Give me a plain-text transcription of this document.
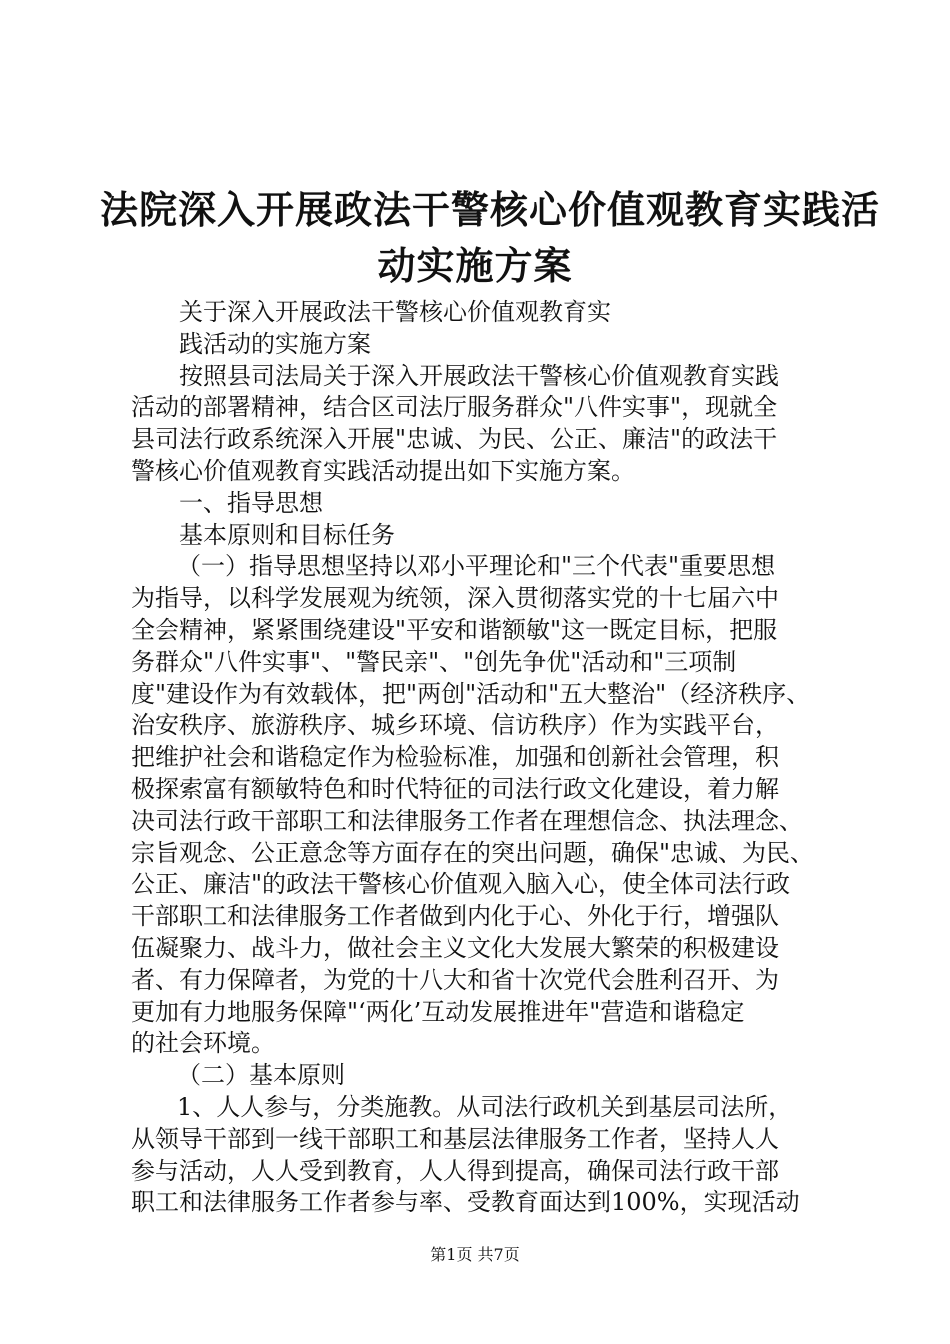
法院深入开展政法干警核心价值观教育实践活
动实施方案
关于深入开展政法干警核心价值观教育实
践活动的实施方案
按照县司法局关于深入开展政法干警核心价值观教育实践
活动的部署精神，结合区司法厅服务群众"八件实事"，现就全
县司法行政系统深入开展"忠诚、为民、公正、廉洁"的政法干
警核心价值观教育实践活动提出如下实施方案。
一、指导思想
基本原则和目标任务
（一）指导思想坚持以邓小平理论和"三个代表"重要思想
为指导，以科学发展观为统领，深入贯彻落实党的十七届六中
全会精神，紧紧围绕建设"平安和谐额敏"这一既定目标，把服
务群众"八件实事"、"警民亲"、"创先争优"活动和"三项制
度"建设作为有效载体，把"两创"活动和"五大整治"（经济秩序、
治安秩序、旅游秩序、城乡环境、信访秩序）作为实践平台，
把维护社会和谐稳定作为检验标准，加强和创新社会管理，积
极探索富有额敏特色和时代特征的司法行政文化建设，着力解
决司法行政干部职工和法律服务工作者在理想信念、执法理念、
宗旨观念、公正意念等方面存在的突出问题，确保"忠诚、为民、
公正、廉洁"的政法干警核心价值观入脑入心，使全体司法行政
干部职工和法律服务工作者做到内化于心、外化于行，增强队
伍凝聚力、战斗力，做社会主义文化大发展大繁荣的积极建设
者、有力保障者，为党的十八大和省十次党代会胜利召开、为
更加有力地服务保障"‘两化’互动发展推进年"营造和谐稳定
的社会环境。
（二）基本原则
1、人人参与，分类施教。从司法行政机关到基层司法所，
从领导干部到一线干部职工和基层法律服务工作者，坚持人人
参与活动，人人受到教育，人人得到提高，确保司法行政干部
职工和法律服务工作者参与率、受教育面达到100%，实现活动
第1页 共7页
